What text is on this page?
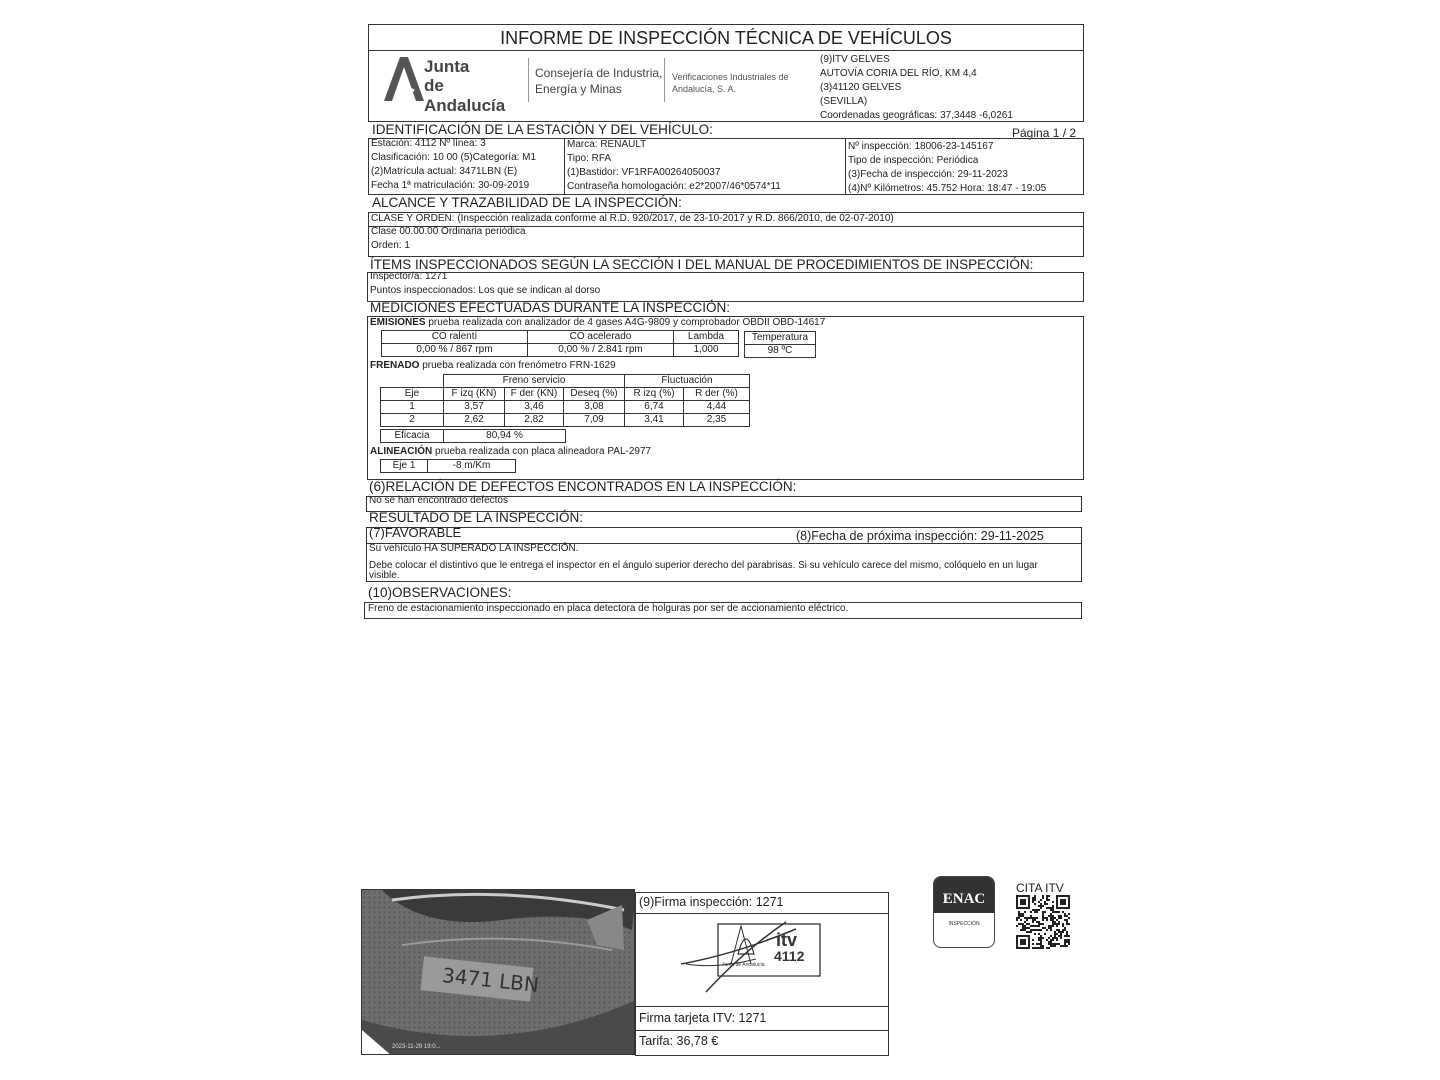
INFORME DE INSPECCIÓN TÉCNICA DE VEHÍCULOS
Junta
de Andalucía
Consejería de Industria,
Energía y Minas
Verificaciones Industriales de
Andalucía, S. A.
(9)ITV GELVES
AUTOVÍA CORIA DEL RÍO, KM 4,4
(3)41120 GELVES
(SEVILLA)
Coordenadas geográficas: 37,3448 -6,0261
IDENTIFICACIÓN DE LA ESTACIÓN Y DEL VEHÍCULO:	Página 1 / 2
Estación: 4112 Nº línea: 3
Clasificación: 10 00 (5)Categoría: M1
(2)Matrícula actual: 3471LBN (E)
Fecha 1ª matriculación: 30-09-2019
Marca: RENAULT
Tipo: RFA
(1)Bastidor: VF1RFA00264050037
Contraseña homologación: e2*2007/46*0574*11
Nº inspección: 18006-23-145167
Tipo de inspección: Periódica
(3)Fecha de inspección: 29-11-2023
(4)Nº Kilómetros: 45.752 Hora: 18:47 - 19:05
ALCANCE Y TRAZABILIDAD DE LA INSPECCIÓN:
CLASE Y ORDEN: (Inspección realizada conforme al R.D. 920/2017, de 23-10-2017 y R.D. 866/2010, de 02-07-2010)
Clase 00.00.00 Ordinaria periódica
Orden: 1
ÍTEMS INSPECCIONADOS SEGÚN LA SECCIÓN I DEL MANUAL DE PROCEDIMIENTOS DE INSPECCIÓN:
Inspector/a: 1271
Puntos inspeccionados: Los que se indican al dorso
MEDICIONES EFECTUADAS DURANTE LA INSPECCIÓN:
EMISIONES prueba realizada con analizador de 4 gases A4G-9809 y comprobador OBDII OBD-14617
CO ralentí	CO acelerado	Lambda
0,00 % / 867 rpm	0,00 % / 2.841 rpm	1,000
Temperatura
98 ºC
FRENADO prueba realizada con frenómetro FRN-1629
	Freno servicio			Fluctuación	
Eje	F izq (KN)	F der (KN)	Deseq (%)	R izq (%)	R der (%)
1	3,57	3,46	3,08	6,74	4,44
2	2,62	2,82	7,09	3,41	2,35
Eficacia	80,94 %
ALINEACIÓN prueba realizada con placa alineadora PAL-2977
Eje 1	-8 m/Km
(6)RELACIÓN DE DEFECTOS ENCONTRADOS EN LA INSPECCIÓN:
No se han encontrado defectos
RESULTADO DE LA INSPECCIÓN:
(7)FAVORABLE	(8)Fecha de próxima inspección: 29-11-2025
Su vehículo HA SUPERADO LA INSPECCIÓN.
Debe colocar el distintivo que le entrega el inspector en el ángulo superior derecho del parabrisas. Si su vehículo carece del mismo, colóquelo en un lugar
visible.
(10)OBSERVACIONES:
Freno de estacionamiento inspeccionado en placa detectora de holguras por ser de accionamiento eléctrico.
3471 LBN
2023-11-29 19:0...
(9)Firma inspección: 1271
itv
4112
Junta de Andalucía
Firma tarjeta ITV: 1271
Tarifa: 36,78 €
ENAC
INSPECCIÓN
CITA ITV
